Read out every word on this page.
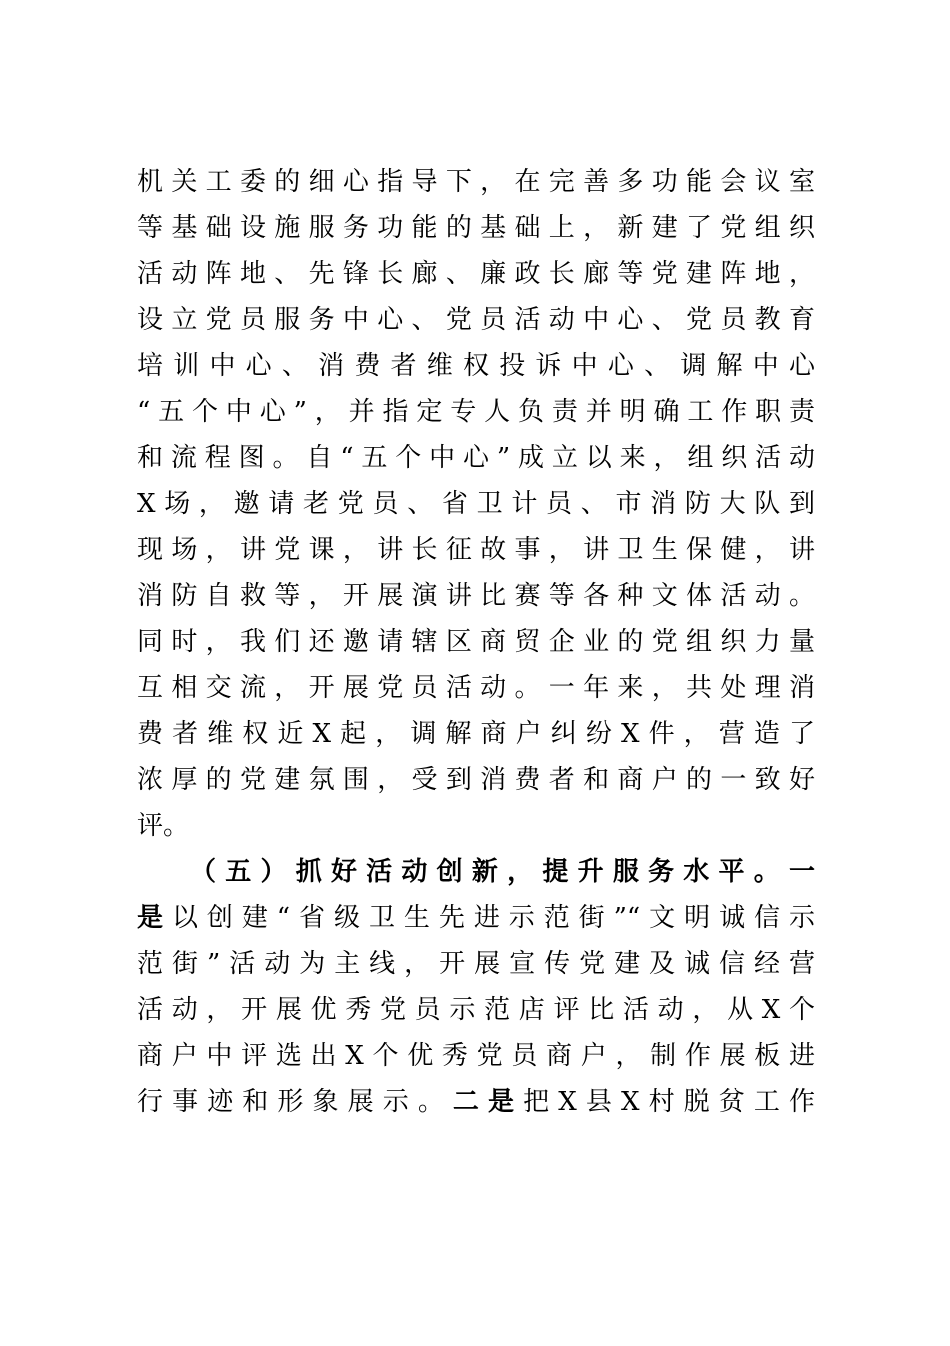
机关工委的细心指导下，在完善多功能会议室
等基础设施服务功能的基础上，新建了党组织
活动阵地、先锋长廊、廉政长廊等党建阵地，
设立党员服务中心、党员活动中心、党员教育
培训中心、消费者维权投诉中心、调解中心
“五个中心”，并指定专人负责并明确工作职责
和流程图。自“五个中心”成立以来，组织活动
X场，邀请老党员、省卫计员、市消防大队到
现场，讲党课，讲长征故事，讲卫生保健，讲
消防自救等，开展演讲比赛等各种文体活动。
同时，我们还邀请辖区商贸企业的党组织力量
互相交流，开展党员活动。一年来，共处理消
费者维权近X起，调解商户纠纷X件，营造了
浓厚的党建氛围，受到消费者和商户的一致好
评。
（五）抓好活动创新，提升服务水平。一
是以创建“省级卫生先进示范街”“文明诚信示
范街”活动为主线，开展宣传党建及诚信经营
活动，开展优秀党员示范店评比活动，从X个
商户中评选出X个优秀党员商户，制作展板进
行事迹和形象展示。二是把X县X村脱贫工作
